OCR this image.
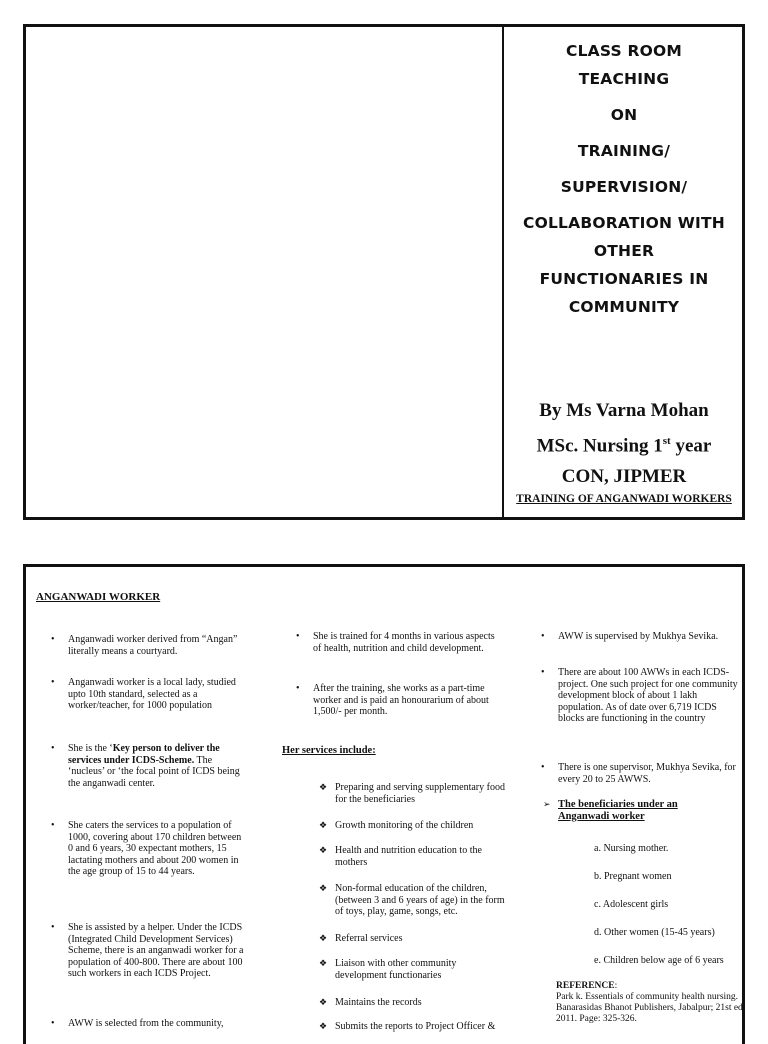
CLASS ROOM

TEACHING

ON

TRAINING/

SUPERVISION/

COLLABORATION WITH

OTHER

FUNCTIONARIES IN

COMMUNITY

By Ms Varna Mohan

MSc. Nursing 1st year

CON, JIPMER

TRAINING OF ANGANWADI WORKERS

ANGANWADI WORKER

• Anganwadi worker derived from “Angan” literally means a courtyard.
• Anganwadi worker is a local lady, studied upto 10th standard, selected as a worker/teacher, for 1000 population
• She is the ‘Key person to deliver the services under ICDS-Scheme. The ‘nucleus’ or ‘the focal point of ICDS being the anganwadi center.
• She caters the services to a population of 1000, covering about 170 children between 0 and 6 years, 30 expectant mothers, 15 lactating mothers and about 200 women in the age group of 15 to 44 years.
• She is assisted by a helper. Under the ICDS (Integrated Child Development Services) Scheme, there is an anganwadi worker for a population of 400-800. There are about 100 such workers in each ICDS Project.
• AWW is selected from the community,
• She is trained for 4 months in various aspects of health, nutrition and child development.
• After the training, she works as a part-time worker and is paid an honourarium of about 1,500/- per month.
Her services include:
❖ Preparing and serving supplementary food for the beneficiaries
❖ Growth monitoring of the children
❖ Health and nutrition education to the mothers
❖ Non-formal education of the children, (between 3 and 6 years of age) in the form of toys, play, game, songs, etc.
❖ Referral services
❖ Liaison with other community development functionaries
❖ Maintains the records
❖ Submits the reports to Project Officer &
• AWW is supervised by Mukhya Sevika.
• There are about 100 AWWs in each ICDS-project. One such project for one community development block of about 1 lakh population. As of date over 6,719 ICDS blocks are functioning in the country
• There is one supervisor, Mukhya Sevika, for every 20 to 25 AWWS.
➢ The beneficiaries under an Anganwadi worker
a. Nursing mother.
b. Pregnant women
c. Adolescent girls
d. Other women (15-45 years)
e. Children below age of 6 years
REFERENCE:
Park k. Essentials of community health nursing. Banarasidas Bhanot Publishers, Jabalpur; 21st ed. 2011. Page: 325-326.
